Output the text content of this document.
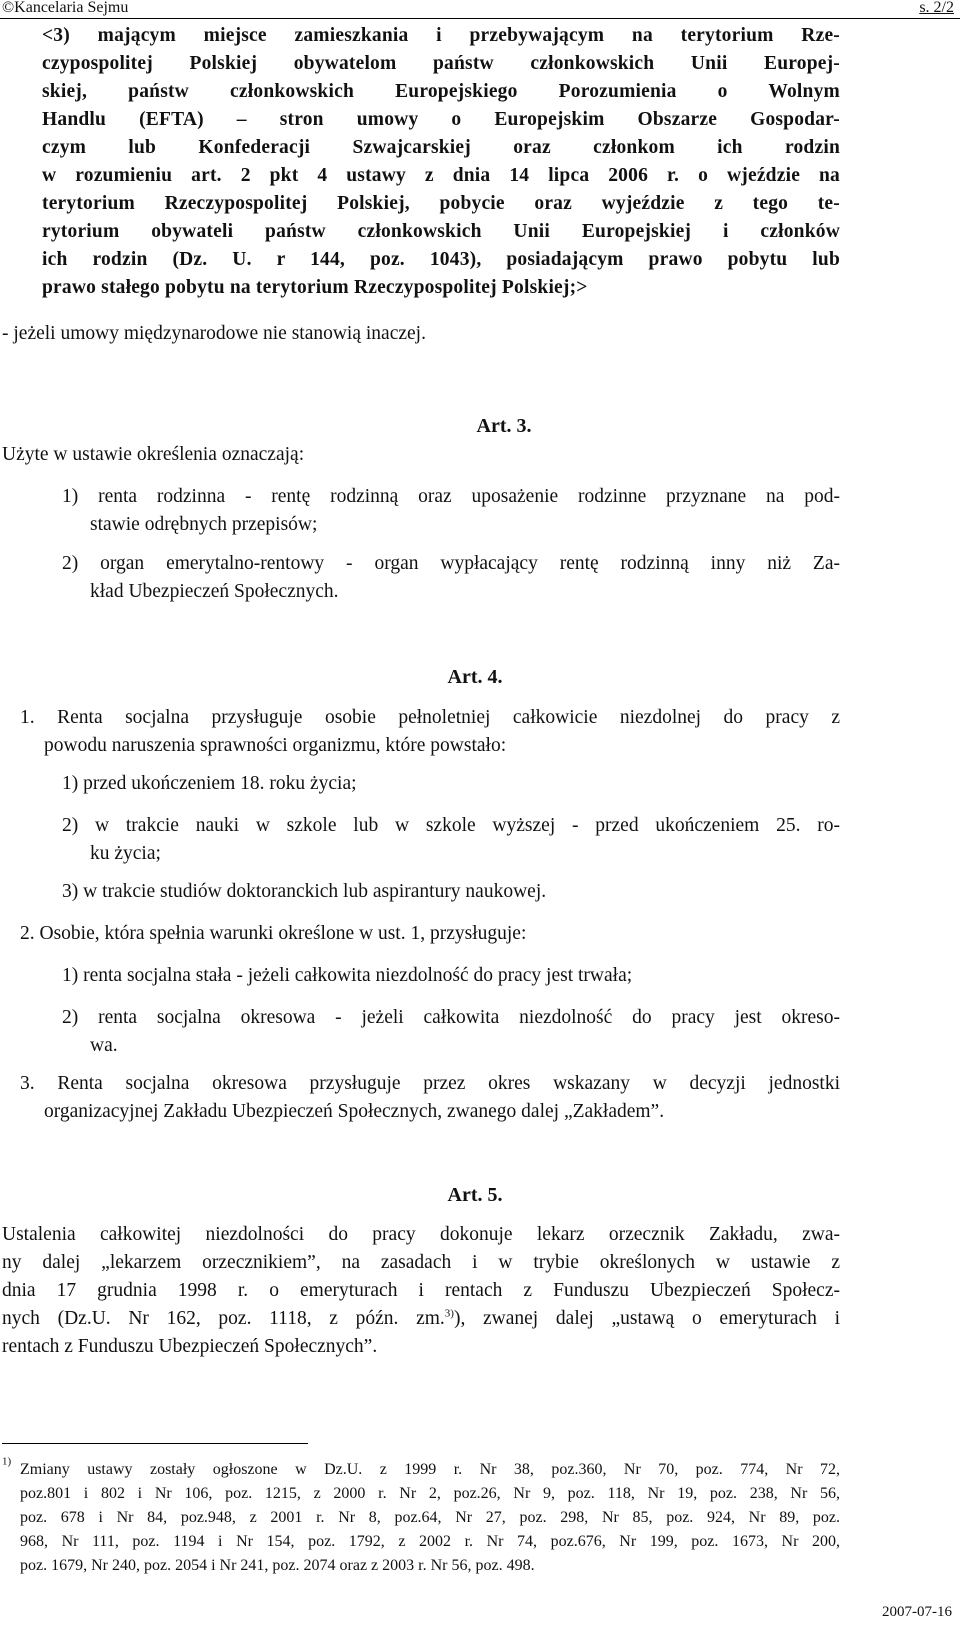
©Kancelaria Sejmu	s. 2/2
<3) mającym miejsce zamieszkania i przebywającym na terytorium Rze-
czypospolitej Polskiej obywatelom państw członkowskich Unii Europej-
skiej, państw członkowskich Europejskiego Porozumienia o Wolnym
Handlu (EFTA) – stron umowy o Europejskim Obszarze Gospodar-
czym lub Konfederacji Szwajcarskiej oraz członkom ich rodzin
w rozumieniu art. 2 pkt 4 ustawy z dnia 14 lipca 2006 r. o wjeździe na
terytorium Rzeczypospolitej Polskiej, pobycie oraz wyjeździe z tego te-
rytorium obywateli państw członkowskich Unii Europejskiej i członków
ich rodzin (Dz. U. r 144, poz. 1043), posiadającym prawo pobytu lub
prawo stałego pobytu na terytorium Rzeczypospolitej Polskiej;>
- jeżeli umowy międzynarodowe nie stanowią inaczej.
Art. 3.
Użyte w ustawie określenia oznaczają:
1) renta rodzinna - rentę rodzinną oraz uposażenie rodzinne przyznane na pod-
stawie odrębnych przepisów;
2) organ emerytalno-rentowy - organ wypłacający rentę rodzinną inny niż Za-
kład Ubezpieczeń Społecznych.
Art. 4.
1. Renta socjalna przysługuje osobie pełnoletniej całkowicie niezdolnej do pracy z
powodu naruszenia sprawności organizmu, które powstało:
1) przed ukończeniem 18. roku życia;
2) w trakcie nauki w szkole lub w szkole wyższej - przed ukończeniem 25. ro-
ku życia;
3) w trakcie studiów doktoranckich lub aspirantury naukowej.
2. Osobie, która spełnia warunki określone w ust. 1, przysługuje:
1) renta socjalna stała - jeżeli całkowita niezdolność do pracy jest trwała;
2) renta socjalna okresowa - jeżeli całkowita niezdolność do pracy jest okreso-
wa.
3. Renta socjalna okresowa przysługuje przez okres wskazany w decyzji jednostki
organizacyjnej Zakładu Ubezpieczeń Społecznych, zwanego dalej „Zakładem”.
Art. 5.
Ustalenia całkowitej niezdolności do pracy dokonuje lekarz orzecznik Zakładu, zwa-
ny dalej „lekarzem orzecznikiem”, na zasadach i w trybie określonych w ustawie z
dnia 17 grudnia 1998 r. o emeryturach i rentach z Funduszu Ubezpieczeń Społecz-
nych (Dz.U. Nr 162, poz. 1118, z późn. zm.$^{3)}$), zwanej dalej „ustawą o emeryturach i
rentach z Funduszu Ubezpieczeń Społecznych”.
$^{1)}$ Zmiany ustawy zostały ogłoszone w Dz.U. z 1999 r. Nr 38, poz.360, Nr 70, poz. 774, Nr 72,
poz.801 i 802 i Nr 106, poz. 1215, z 2000 r. Nr 2, poz.26, Nr 9, poz. 118, Nr 19, poz. 238, Nr 56,
poz. 678 i Nr 84, poz.948, z 2001 r. Nr 8, poz.64, Nr 27, poz. 298, Nr 85, poz. 924, Nr 89, poz.
968, Nr 111, poz. 1194 i Nr 154, poz. 1792, z 2002 r. Nr 74, poz.676, Nr 199, poz. 1673, Nr 200,
poz. 1679, Nr 240, poz. 2054 i Nr 241, poz. 2074 oraz z 2003 r. Nr 56, poz. 498.
2007-07-16
